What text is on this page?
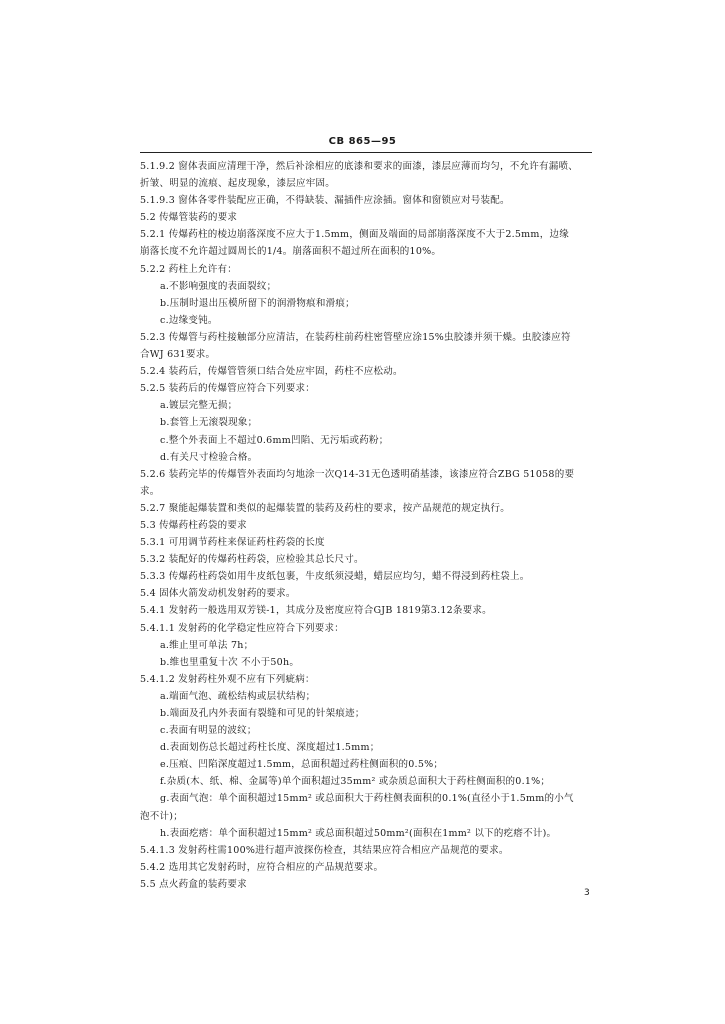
CB 865—95
5.1.9.2 窗体表面应清理干净，然后补涂相应的底漆和要求的面漆，漆层应薄而均匀，不允许有漏喷、
折皱、明显的流痕、起皮现象，漆层应牢固。
5.1.9.3 窗体各零件装配应正确，不得缺装、漏插件应涂插。窗体和窗锁应对号装配。
5.2 传爆管装药的要求
5.2.1 传爆药柱的棱边崩落深度不应大于1.5mm，侧面及端面的局部崩落深度不大于2.5mm，边缘
崩落长度不允许超过圆周长的1/4。崩落面积不超过所在面积的10%。
5.2.2 药柱上允许有：
a.不影响强度的表面裂纹；
b.压制时退出压模所留下的润滑物痕和滑痕；
c.边缘变钝。
5.2.3 传爆管与药柱接触部分应清洁，在装药柱前药柱密管壁应涂15%虫胶漆并须干燥。虫胶漆应符
合WJ 631要求。
5.2.4 装药后，传爆管管须口结合处应牢固，药柱不应松动。
5.2.5 装药后的传爆管应符合下列要求：
a.镀层完整无损；
b.套管上无滚裂现象；
c.整个外表面上不超过0.6mm凹陷、无污垢或药粉；
d.有关尺寸检验合格。
5.2.6 装药完毕的传爆管外表面均匀地涂一次Q14-31无色透明硝基漆，该漆应符合ZBG 51058的要
求。
5.2.7 聚能起爆装置和类似的起爆装置的装药及药柱的要求，按产品规范的规定执行。
5.3 传爆药柱药袋的要求
5.3.1 可用调节药柱来保证药柱药袋的长度
5.3.2 装配好的传爆药柱药袋，应检验其总长尺寸。
5.3.3 传爆药柱药袋如用牛皮纸包裹，牛皮纸须浸蜡，蜡层应均匀，蜡不得浸到药柱袋上。
5.4 固体火箭发动机发射药的要求。
5.4.1 发射药一般选用双芳镁-1，其成分及密度应符合GJB 1819第3.12条要求。
5.4.1.1 发射药的化学稳定性应符合下列要求：
a.维止里可单法 7h；
b.维也里重复十次 不小于50h。
5.4.1.2 发射药柱外观不应有下列疵病：
a.端面气泡、疏松结构或层状结构；
b.端面及孔内外表面有裂缝和可见的针架痕迹；
c.表面有明显的波纹；
d.表面划伤总长超过药柱长度、深度超过1.5mm；
e.压痕、凹陷深度超过1.5mm，总面积超过药柱侧面积的0.5%；
f.杂质(木、纸、棉、金属等)单个面积超过35mm² 或杂质总面积大于药柱侧面积的0.1%；
g.表面气泡：单个面积超过15mm² 或总面积大于药柱侧表面积的0.1%(直径小于1.5mm的小气
泡不计)；
h.表面疙瘩：单个面积超过15mm² 或总面积超过50mm²(面积在1mm² 以下的疙瘩不计)。
5.4.1.3 发射药柱需100%进行超声波探伤检查，其结果应符合相应产品规范的要求。
5.4.2 选用其它发射药时，应符合相应的产品规范要求。
5.5 点火药盒的装药要求
3
